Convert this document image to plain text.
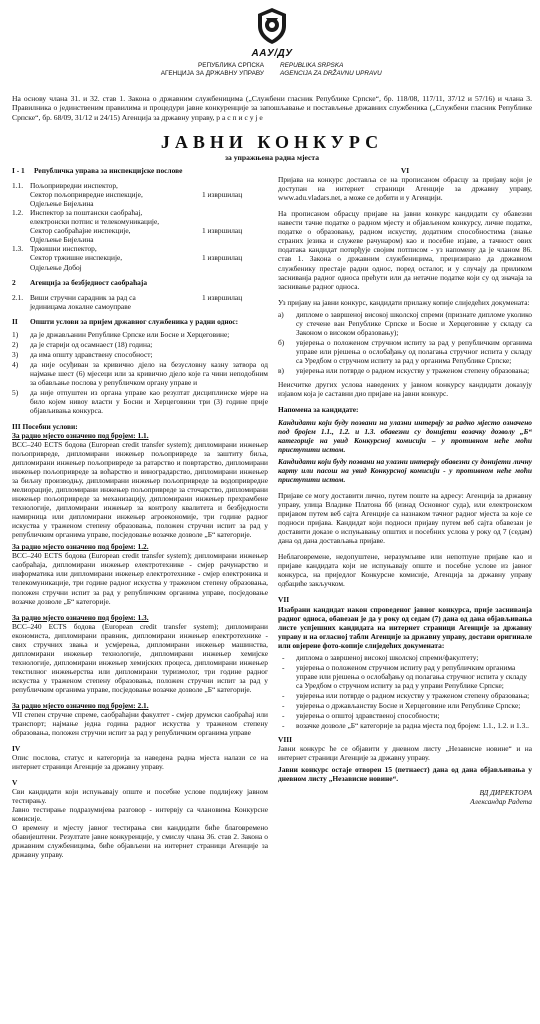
AAУ/ДУ
РЕПУБЛИКА СРПСКА
АГЕНЦИЈА ЗА ДРЖАВНУ УПРАВУ
REPUBLIKA SRPSKA
AGENCIJA ZA DRŽAVNU UPRAVU
На основу члана 31. и 32. став 1. Закона о државним службеницима („Службени гласник Републике Српске“, бр. 118/08, 117/11, 37/12 и 57/16) и члана 3. Правилника о јединственим правилима и процедури јавне конкуренције за запошљавање и постављење државних службеника („Службени гласник Републике Српске“, бр. 68/09, 31/12 и 24/15) Агенција за државну управу, р а с п и с у ј е
ЈАВНИ КОНКУРС
за упражњена радна мјеста
I - 1	Републичка управа за инспекцијске послове
1.1. Пољопривредни инспектор,
Сектор пољопривредне инспекције,
Одјељење Бијељина
1 извршилац
1.2. Инспектор за поштански саобраћај,
електронски потпис и телекомуникације,
Сектор саобраћајне инспекције,
Одјељење Бијељина
1 извршилац
1.3. Тржишни инспектор,
Сектор тржишне инспекције,
Одјељење Добој
1 извршилац
2	Агенција за безбједност саобраћаја
2.1. Виши стручни сарадник за рад са
јединицама локалне самоуправе
1 извршилац
II	Општи услови за пријем државног службеника у радни однос:
1)	да је држављанин Републике Српске или Босне и Херцеговине;
2)	да је старији од осамнаест (18) година;
3)	да има општу здравствену способност;
4)	да није осуђиван за кривично дјело на безусловну казну затвора од најмање шест (6) мјесеци или за кривично дјело које га чини неподобним за обављање послова у републичком органу управе и
5)	да није отпуштен из органа управе као резултат дисциплинске мјере на било којем нивоу власти у Босни и Херцеговини три (3) године прије објављивања конкурса.
III Посебни услови:
За радно мјесто означено под бројем: 1.1.

BCC–240 ECTS бодова (European credit transfer system); дипломирани инжењер пољопривреде, дипломирани инжењер пољопривреде за заштиту биља, дипломирани инжењер пољопривреде за ратарство и повртарство, дипломирани инжењер пољопривреде за воћарство и виноградарство, дипломирани инжењер за биљну производњу, дипломирани инжењер пољопривреде за водопривредне мелиорације, дипломирани инжењер пољопривреде за сточарство, дипломирани инжењер пољопривреде за механизацију, дипломирани инжењер прехрамбене технологије, дипломирани инжењер за контролу квалитета и безбједности намирница или дипломирани инжењер агроекономије, три године радног искуства у траженом степену образовања, положен стручни испит за рад у републичким органима управе, посједовање возачке дозволе „Б“ категорије.

За радно мјесто означено под бројем: 1.2.

BCC–240 ECTS бодова (European credit transfer system); дипломирани инжењер саобраћаја, дипломирани инжењер електротехнике - смјер рачунарство и информатика или дипломирани инжењер електротехнике - смјер електроника и телекомуникације, три године радног искуства у траженом степену образовања, положен стручни испит за рад у републичким органима управе, посједовање возачке дозволе „Б“ категорије.

За радно мјесто означено под бројем: 1.3.

BCC–240 ECTS бодова (European credit transfer system); дипломирани економиста, дипломирани правник, дипломирани инжењер електротехнике - свих стручних звања и усмјерења, дипломирани инжењер машинства, дипломирани инжењер технологије, дипломирани инжењер хемијске технологије, дипломирани инжењер хемијских процеса, дипломирани инжењер текстилног инжењерства или дипломирани туризмолог, три године радног искуства у траженом степену образовања, положен стручни испит за рад у републичким органима управе, посједовање возачке дозволе „Б“ категорије.

За радно мјесто означено под бројем: 2.1.

VII степен стручне спреме, саобраћајни факултет - смјер друмски саобраћај или транспорт; најмање једна година радног искуства у траженом степену образовања, положен стручни испит за рад у републичким органима управе

IV

Опис послова, статус и категорија за наведена радна мјеста налази се на интернет страници Агенције за државну управу.

V
Сви кандидати који испуњавају опште и посебне услове подлијежу јавном тестирању.
Јавно тестирање подразумијева разговор - интервју са члановима Конкурсне комисије.
О времену и мјесту јавног тестирања сви кандидати биће благовремено обавијештени. Резултате јавне конкуренције, у смислу члана 36. став 2. Закона о државним службеницима, биће објављени на интернет страници Агенције за државну управу.
VI

Пријава на конкурс доставља се на прописаном обрасцу за пријаву који је доступан на интернет страници Агенције за државну управу, www.adu.vladars.net, а може се добити и у Агенцији.

На прописаном обрасцу пријаве на јавни конкурс кандидати су обавезни навести тачне податке о радном мјесту и објављеном конкурсу, личне податке, податке о образовању, радном искуству, додатним способностима (знање страних језика и служеве рачунаром) као и посебне изјаве, а тачност ових података кандидат потврђује својим потписом - уз напомену да је чланом 86. став 1. Закона о државним службеницима, прецизирано да државном службенику престаје радни однос, поред осталог, и у случају да приликом засниванја радног односа прећути или да нетачне податке који су од значаја за заснивање радног односа.

Уз пријаву на јавни конкурс, кандидати прилажу копије слиједећих докумената:

а)	дипломе о завршеној високој школској спреми (признате дипломе уколико су стечене ван Републике Српске и Босне и Херцеговине у складу са Законом о високом образовању);
б)	увјерења о положеном стручном испиту за рад у републичким органима управе или рјешења о ослобађању од полагања стручног испита у складу са Уредбом о стручном испиту за рад у органима Републике Српске;
в)	увјерења или потврде о радном искуству у траженом степену образовања;

Неисчитке других услова наведених у јавном конкурсу кандидати доказују изјавом која је саставни дио пријаве на јавни конкурс.

Напомена за кандидате:

Кандидати који буду позвани на улазни интервју за радно мјесто означено под бројем 1.1., 1.2. и 1.3. обавезни су донијети возачку дозволу „Б“ категорије на увид Конкурсној комисији – у противном неће моћи приступити истом.

Кандидати који буду позвани на улазни интервју обавезни су донијети личну карту или пасош на увид Конкурсној комисији - у противном неће моћи приступити истом.

Пријаве се могу доставити лично, путем поште на адресу: Агенција за државну управу, улица Владике Платона бб (изнад Основног суда), или електронском пријавом путем веб сајта Агенције са назнаком тачног радног мјеста за које се подноси пријава. Кандидат који подноси пријаву путем веб сајта обавезан је доставити доказе о испуњавању општих и посебних услова у року од 7 (седам) дана од дана достављања пријаве.

Неблаговремене, недопуштене, неразумљиве или непотпуне пријаве као и пријаве кандидата који не испуњавају опште и посебне услове из јавног конкурса, на приједлог Конкурсне комисије, Агенција за државну управу одбациће закључком.

VII

Изабрани кандидат након спроведеног јавног конкурса, прије засниванја радног односа, обавезан је да у року од седам (7) дана од дана објављивања листе успјешних кандидата на интернет страници Агенције за државну управу и на огласној табли Агенције за државну управу, достави оригинале или овјерене фото-копије слиједећих докумената:

-	диплома о завршеној високој школској спреми/факултету;
-	увјерења о положеном стручном испиту рад у републичким органима управе или рјешења о ослобађању од полагања стручног испита у складу са Уредбом о стручном испиту за рад у управи Републике Српске;
-	увјерења или потврде о радном искуству у траженом степену образовања;
-	увјерења о држављанству Босне и Херцеговине или Републике Српске;
-	увјерења о општој здравственој способности;
-	возачке дозволе „Б“ категорије за радна мјеста под бројем: 1.1., 1.2. и 1.3..
VIII

Јавни конкурс ће се објавити у дневном листу „Независне новине“ и на интернет страници Агенције за државну управу.

Јавни конкурс остаје отворен 15 (петнаест) дана од дана објављивања у дневном листу „Независне новине“.

ВД ДИРЕКТОРА
Александар Радета
